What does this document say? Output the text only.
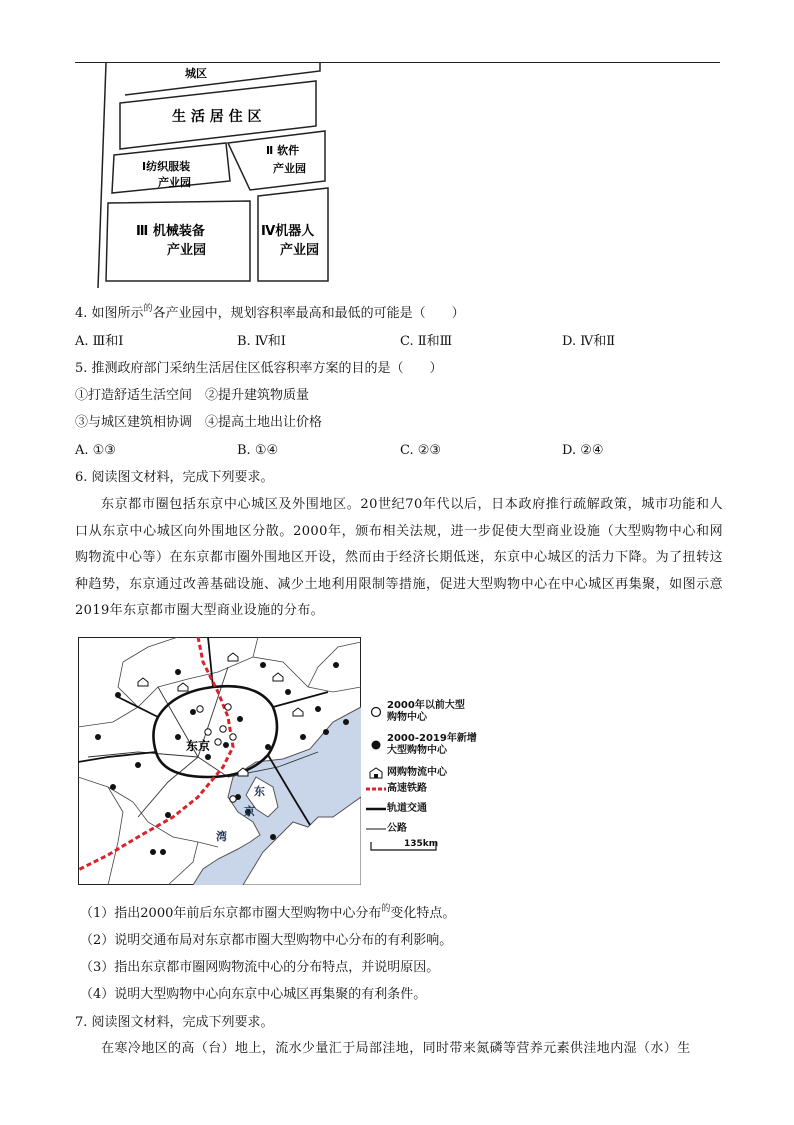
城区
生 活 居 住 区
Ⅰ纺织服装
产业园
Ⅱ 软件
产业园
Ⅲ 机械装备
产业园
Ⅳ机器人
产业园
4. 如图所示$^的$各产业园中，规划容积率最高和最低的可能是（　　）
A. Ⅲ和Ⅰ	B. Ⅳ和Ⅰ	C. Ⅱ和Ⅲ	D. Ⅳ和Ⅱ
5. 推测政府部门采纳生活居住区低容积率方案的目的是（　　）
①打造舒适生活空间　②提升建筑物质量
③与城区建筑相协调　④提高土地出让价格
A. ①③	B. ①④	C. ②③	D. ②④
6. 阅读图文材料，完成下列要求。
东京都市圈包括东京中心城区及外围地区。20世纪70年代以后，日本政府推行疏解政策，城市功能和人口从东京中心城区向外围地区分散。2000年，颁布相关法规，进一步促使大型商业设施（大型购物中心和网购物流中心等）在东京都市圈外围地区开设，然而由于经济长期低迷，东京中心城区的活力下降。为了扭转这种趋势，东京通过改善基础设施、减少土地利用限制等措施，促进大型购物中心在中心城区再集聚，如图示意2019年东京都市圈大型商业设施的分布。
东京
东
京
湾
2000年以前大型
购物中心
2000-2019年新增
大型购物中心
网购物流中心
高速铁路
轨道交通
公路
135km
（1）指出2000年前后东京都市圈大型购物中心分布$^的$变化特点。
（2）说明交通布局对东京都市圈大型购物中心分布的有利影响。
（3）指出东京都市圈网购物流中心的分布特点，并说明原因。
（4）说明大型购物中心向东京中心城区再集聚的有利条件。
7. 阅读图文材料，完成下列要求。
在寒冷地区的高（台）地上，流水少量汇于局部洼地，同时带来氮磷等营养元素供洼地内湿（水）生
